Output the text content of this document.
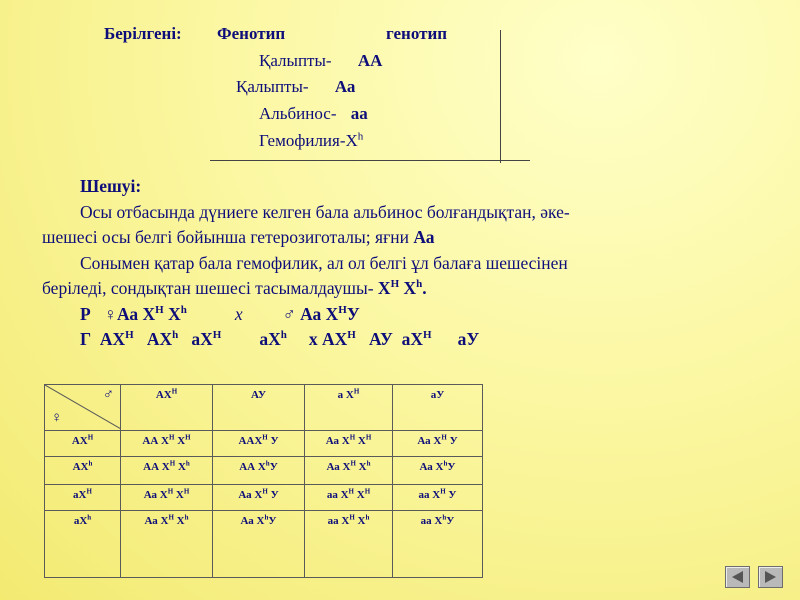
Берілгені: Фенотип	генотип
Қалыпты- АА
Қалыпты- Аа
Альбинос- аа
Гемофилия-$Х^h$

Шешуі:

Осы отбасында дүниеге келген бала альбинос болғандықтан, әке-

шешесі осы белгі бойынша гетерозиготалы; яғни Аа

Сонымен қатар бала гемофилик, ал ол белгі ұл балаға шешесінен

беріледі, сондықтан шешесі тасымалдаушы- $Х^Н$ $Х^h$.

Р ♀Аа $Х^Н$ $Х^h$	х ♂ Аа $Х^НУ$

Г $АХ^Н$ $АХ^h$ $аХ^Н$ $аХ^h$ х $АХ^Н$ АУ $аХ^Н$ аУ

♂
♀	$АХ^Н$	АУ	а $Х^Н$	аУ
$АХ^Н$	АА $Х^Н$ $Х^Н$	$ААХ^Н$ У	Аа $Х^Н$ $Х^Н$	Аа $Х^Н$ У
$АХ^h$	АА $Х^Н$ $Х^h$	АА $Х^hУ$	Аа $Х^Н$ $Х^h$	Аа $Х^hУ$
$аХ^Н$	Аа $Х^Н$ $Х^Н$	Аа $Х^Н$ У	аа $Х^Н$ $Х^Н$	аа $Х^Н$ У
$аХ^h$	Аа $Х^Н$ $Х^h$	Аа $Х^hУ$	аа $Х^Н$ $Х^h$	аа $Х^hУ$
